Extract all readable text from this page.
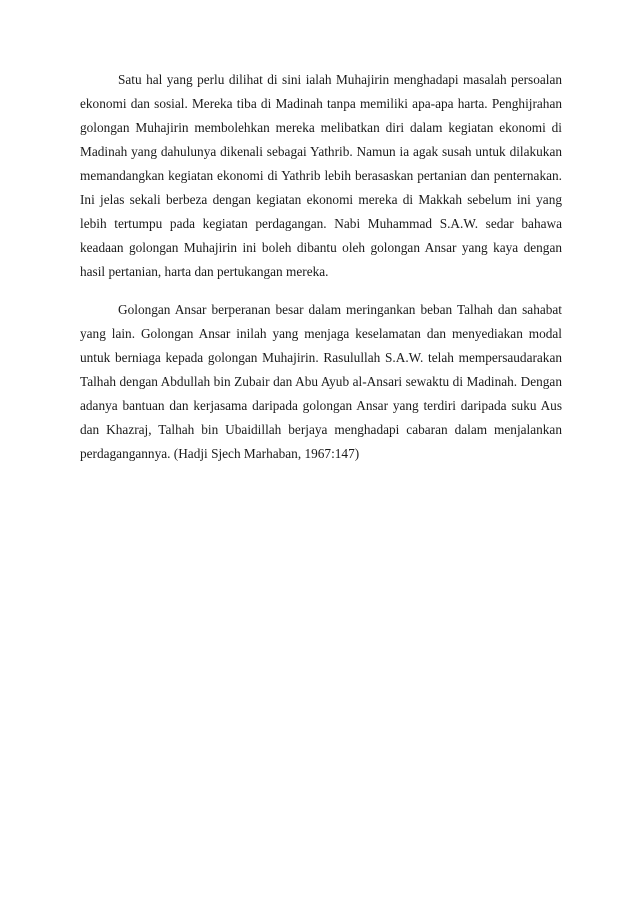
Satu hal yang perlu dilihat di sini ialah Muhajirin menghadapi masalah persoalan ekonomi dan sosial. Mereka tiba di Madinah tanpa memiliki apa-apa harta. Penghijrahan golongan Muhajirin membolehkan mereka melibatkan diri dalam kegiatan ekonomi di Madinah yang dahulunya dikenali sebagai Yathrib. Namun ia agak susah untuk dilakukan memandangkan kegiatan ekonomi di Yathrib lebih berasaskan pertanian dan penternakan. Ini jelas sekali berbeza dengan kegiatan ekonomi mereka di Makkah sebelum ini yang lebih tertumpu pada kegiatan perdagangan. Nabi Muhammad S.A.W. sedar bahawa keadaan golongan Muhajirin ini boleh dibantu oleh golongan Ansar yang kaya dengan hasil pertanian, harta dan pertukangan mereka.

Golongan Ansar berperanan besar dalam meringankan beban Talhah dan sahabat yang lain. Golongan Ansar inilah yang menjaga keselamatan dan menyediakan modal untuk berniaga kepada golongan Muhajirin. Rasulullah S.A.W. telah mempersaudarakan Talhah dengan Abdullah bin Zubair dan Abu Ayub al-Ansari sewaktu di Madinah. Dengan adanya bantuan dan kerjasama daripada golongan Ansar yang terdiri daripada suku Aus dan Khazraj, Talhah bin Ubaidillah berjaya menghadapi cabaran dalam menjalankan perdagangannya. (Hadji Sjech Marhaban, 1967:147)
